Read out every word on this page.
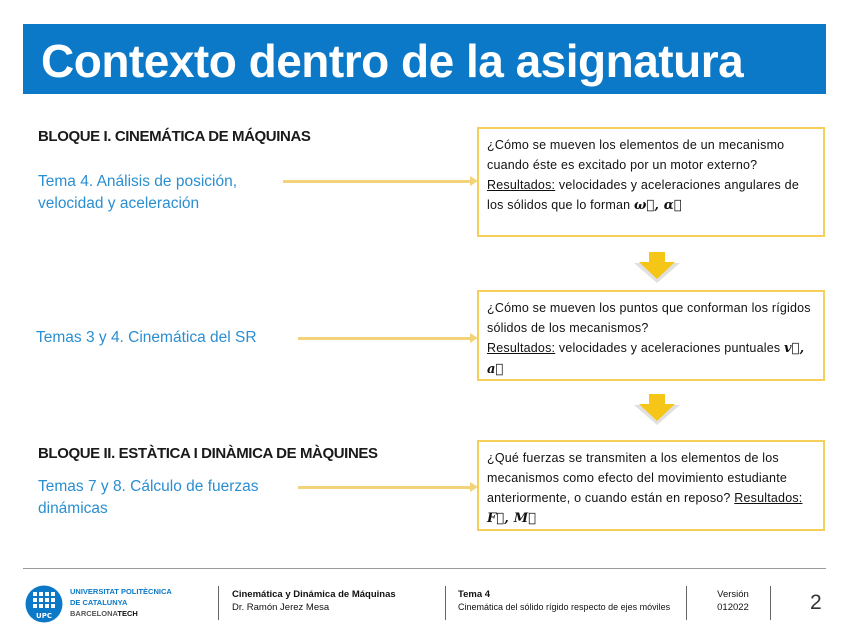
Contexto dentro de la asignatura
BLOQUE I. CINEMÁTICA DE MÁQUINAS
Tema 4. Análisis de posición,
velocidad y aceleración
¿Cómo se mueven los elementos de un mecanismo cuando éste es excitado por un motor externo?
Resultados: velocidades y aceleraciones angulares de los sólidos que lo forman ω⃗, α⃗
Temas 3 y 4. Cinemática del SR
¿Cómo se mueven los puntos que conforman los rígidos sólidos de los mecanismos?
Resultados: velocidades y aceleraciones puntuales v⃗, a⃗
BLOQUE II. ESTÀTICA I DINÀMICA DE MÀQUINES
Temas 7 y 8. Cálculo de fuerzas
dinámicas
¿Qué fuerzas se transmiten a los elementos de los mecanismos como efecto del movimiento estudiante anteriormente, o cuando están en reposo? Resultados: F⃗, M⃗
UPC
UNIVERSITAT POLITÈCNICA
DE CATALUNYA
BARCELONATECH
Cinemática y Dinámica de Máquinas
Dr. Ramón Jerez Mesa
Tema 4
Cinemática del sólido rígido respecto de ejes móviles
Versión
012022	2
